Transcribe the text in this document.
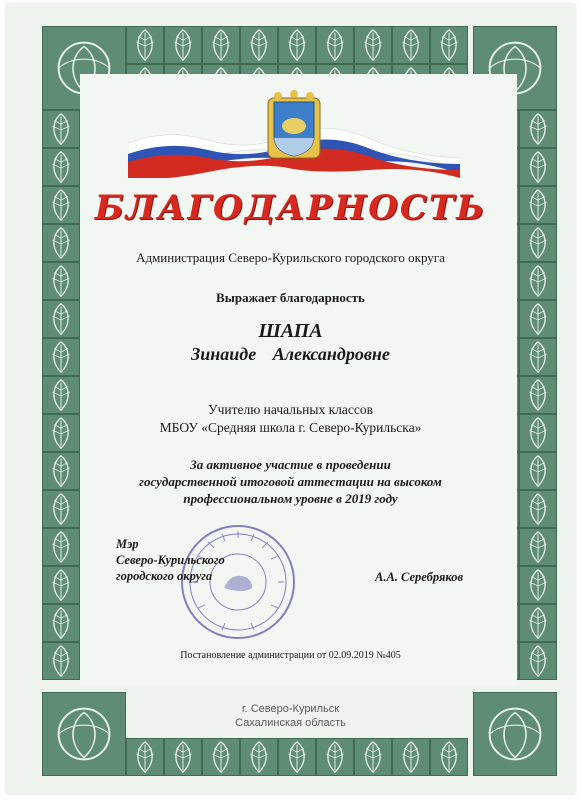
БЛАГОДАРНОСТЬ
Администрация Северо-Курильского городского округа
Выражает благодарность
ШАПА
Зинаиде Александровне
Учителю начальных классов
МБОУ «Средняя школа г. Северо-Курильска»
За активное участие в проведении
государственной итоговой аттестации на высоком
профессиональном уровне в 2019 году
Мэр
Северо-Курильского
городского округа	А.А. Серебряков
Постановление администрации от 02.09.2019 №405
г. Северо-Курильск
Сахалинская область
